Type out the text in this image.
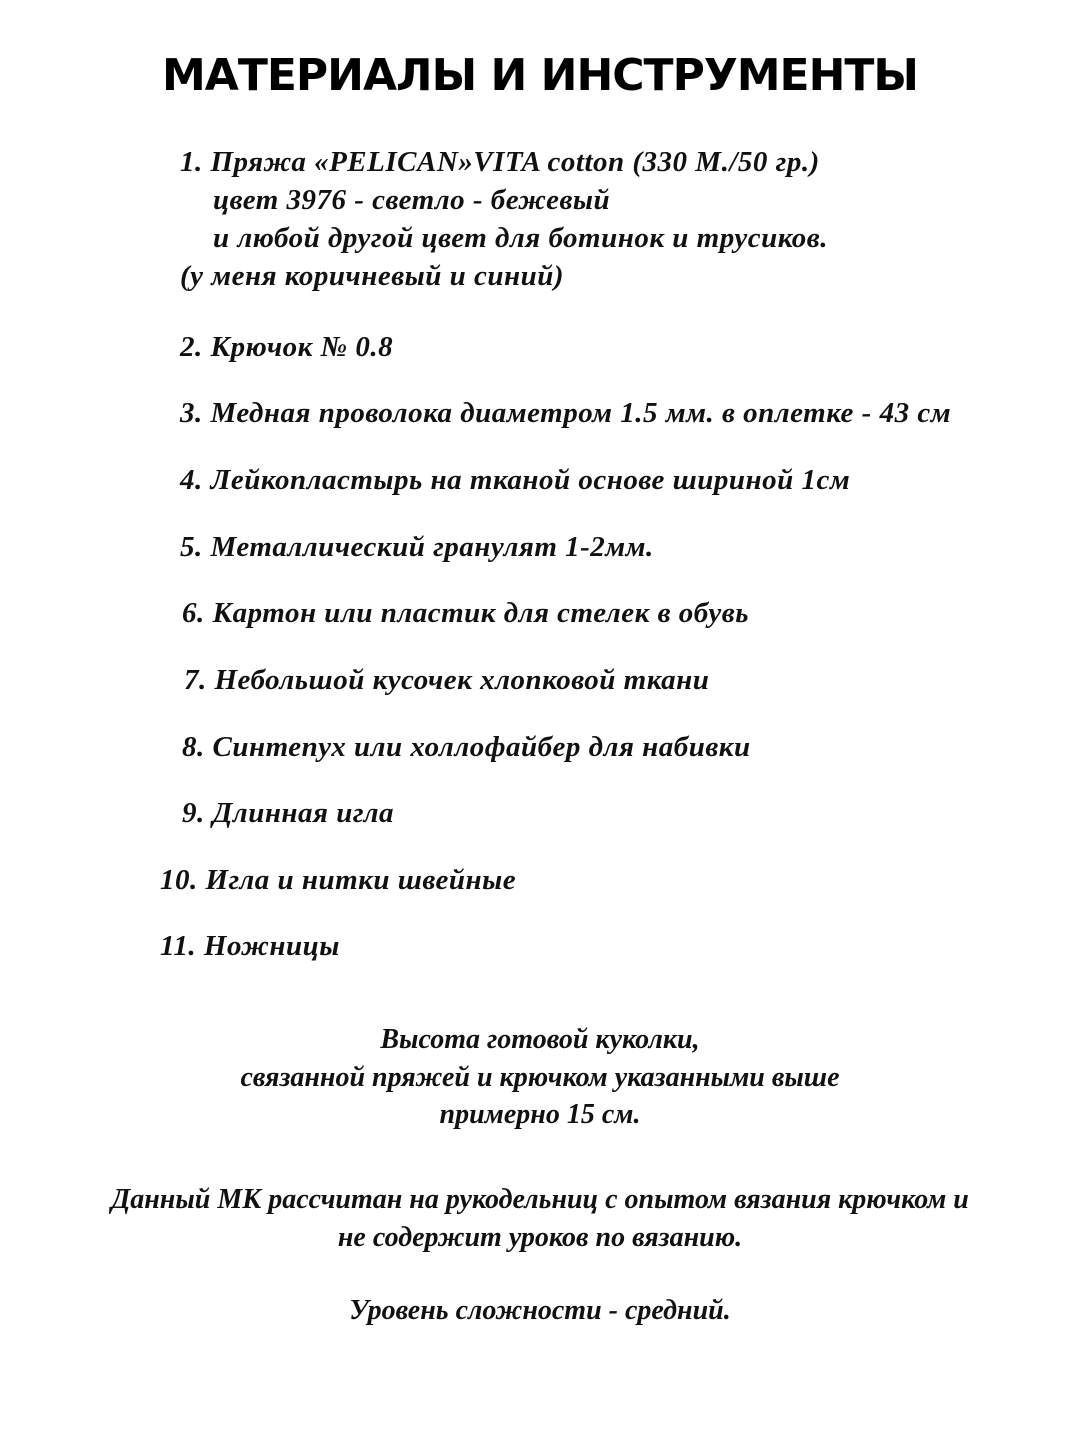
МАТЕРИАЛЫ И ИНСТРУМЕНТЫ

1. Пряжа «PELICAN»VITA cotton (330 М./50 гр.)

цвет 3976 - светло - бежевый

и любой другой цвет для ботинок и трусиков.

(у меня коричневый и синий)

2. Крючок № 0.8

3. Медная проволока диаметром 1.5 мм. в оплетке - 43 см

4. Лейкопластырь на тканой основе шириной 1см

5. Металлический гранулят 1-2мм.

6. Картон или пластик для стелек в обувь

7. Небольшой кусочек хлопковой ткани

8. Синтепух или холлофайбер для набивки

9. Длинная игла

10. Игла и нитки швейные

11. Ножницы

Высота готовой куколки,

связанной пряжей и крючком указанными выше

примерно 15 см.

Данный МК рассчитан на рукодельниц с опытом вязания крючком и

не содержит уроков по вязанию.

Уровень сложности - средний.
